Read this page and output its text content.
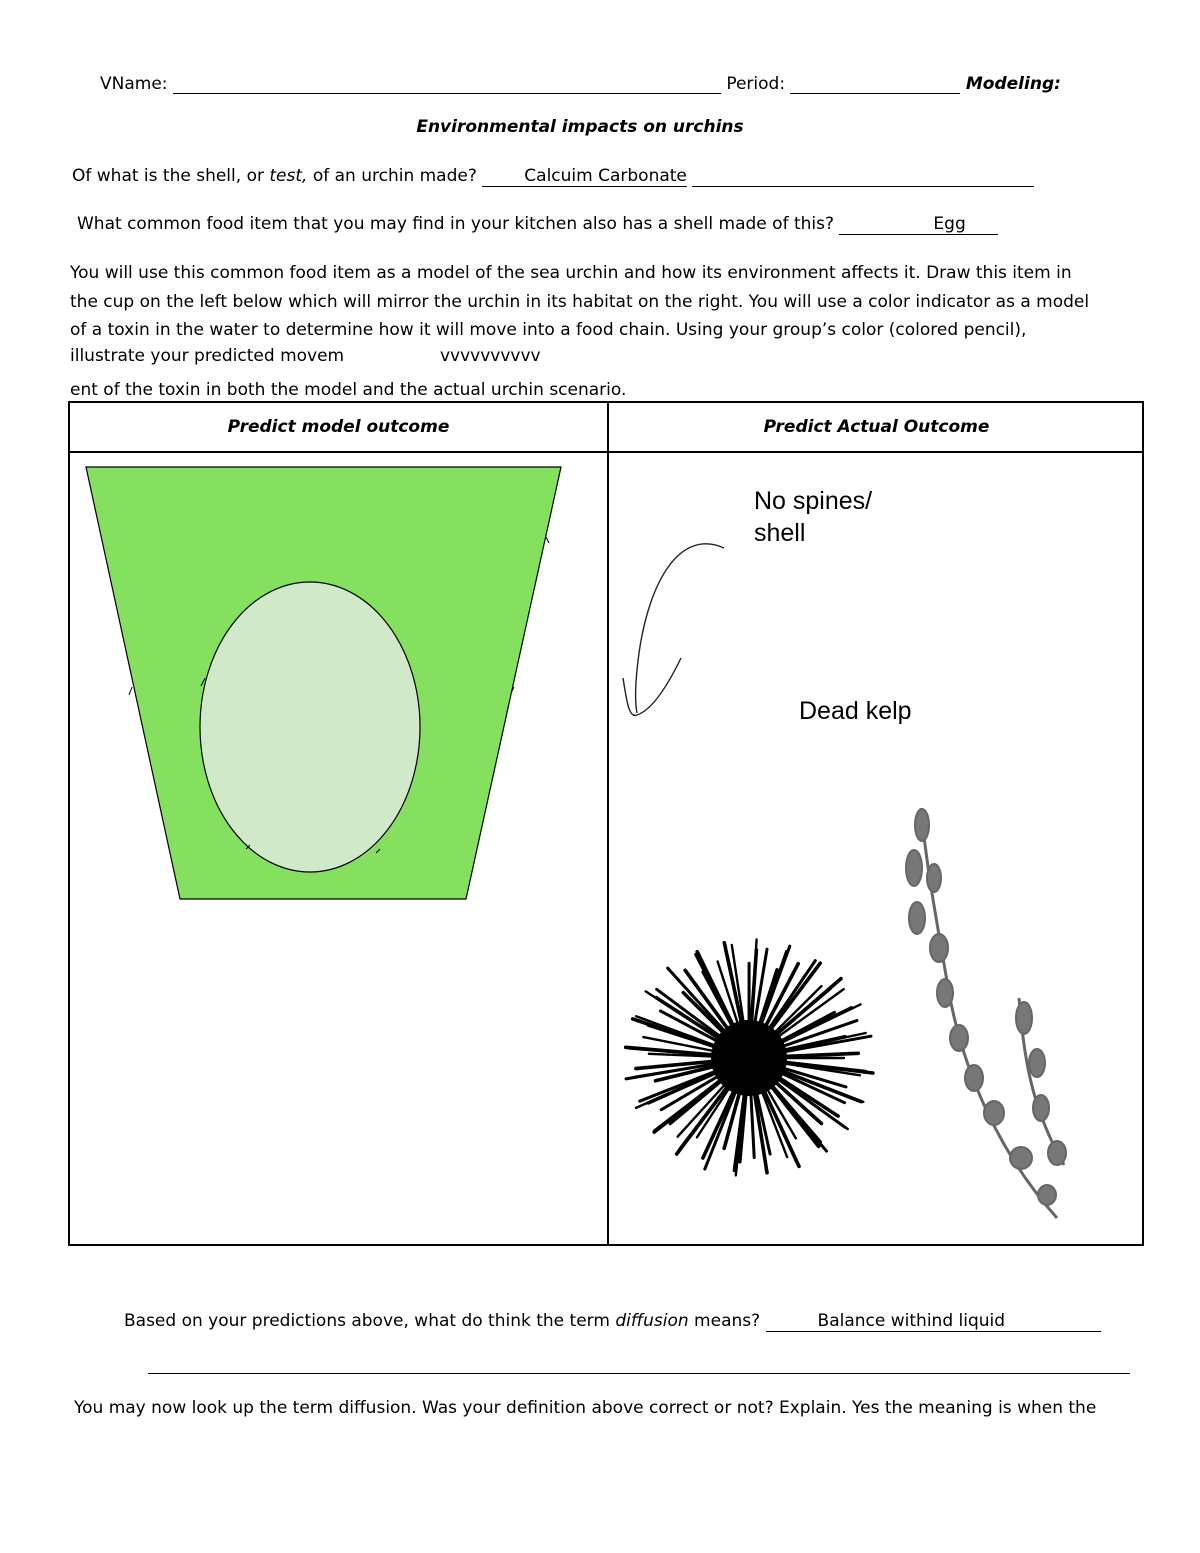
VName:	Period:	Modeling:
Environmental impacts on urchins
Of what is the shell, or test, of an urchin made? Calcuim Carbonate
What common food item that you may find in your kitchen also has a shell made of this?	Egg
You will use this common food item as a model of the sea urchin and how its environment affects it. Draw this item in
the cup on the left below which will mirror the urchin in its habitat on the right. You will use a color indicator as a model
of a toxin in the water to determine how it will move into a food chain. Using your group’s color (colored pencil),
illustrate your predicted movem	vvvvvvvvvv
ent of the toxin in both the model and the actual urchin scenario.
Predict model outcome	Predict Actual Outcome
No spines/
shell
Dead kelp
Based on your predictions above, what do think the term diffusion means?	Balance withind liquid
You may now look up the term diffusion. Was your definition above correct or not? Explain. Yes the meaning is when the
